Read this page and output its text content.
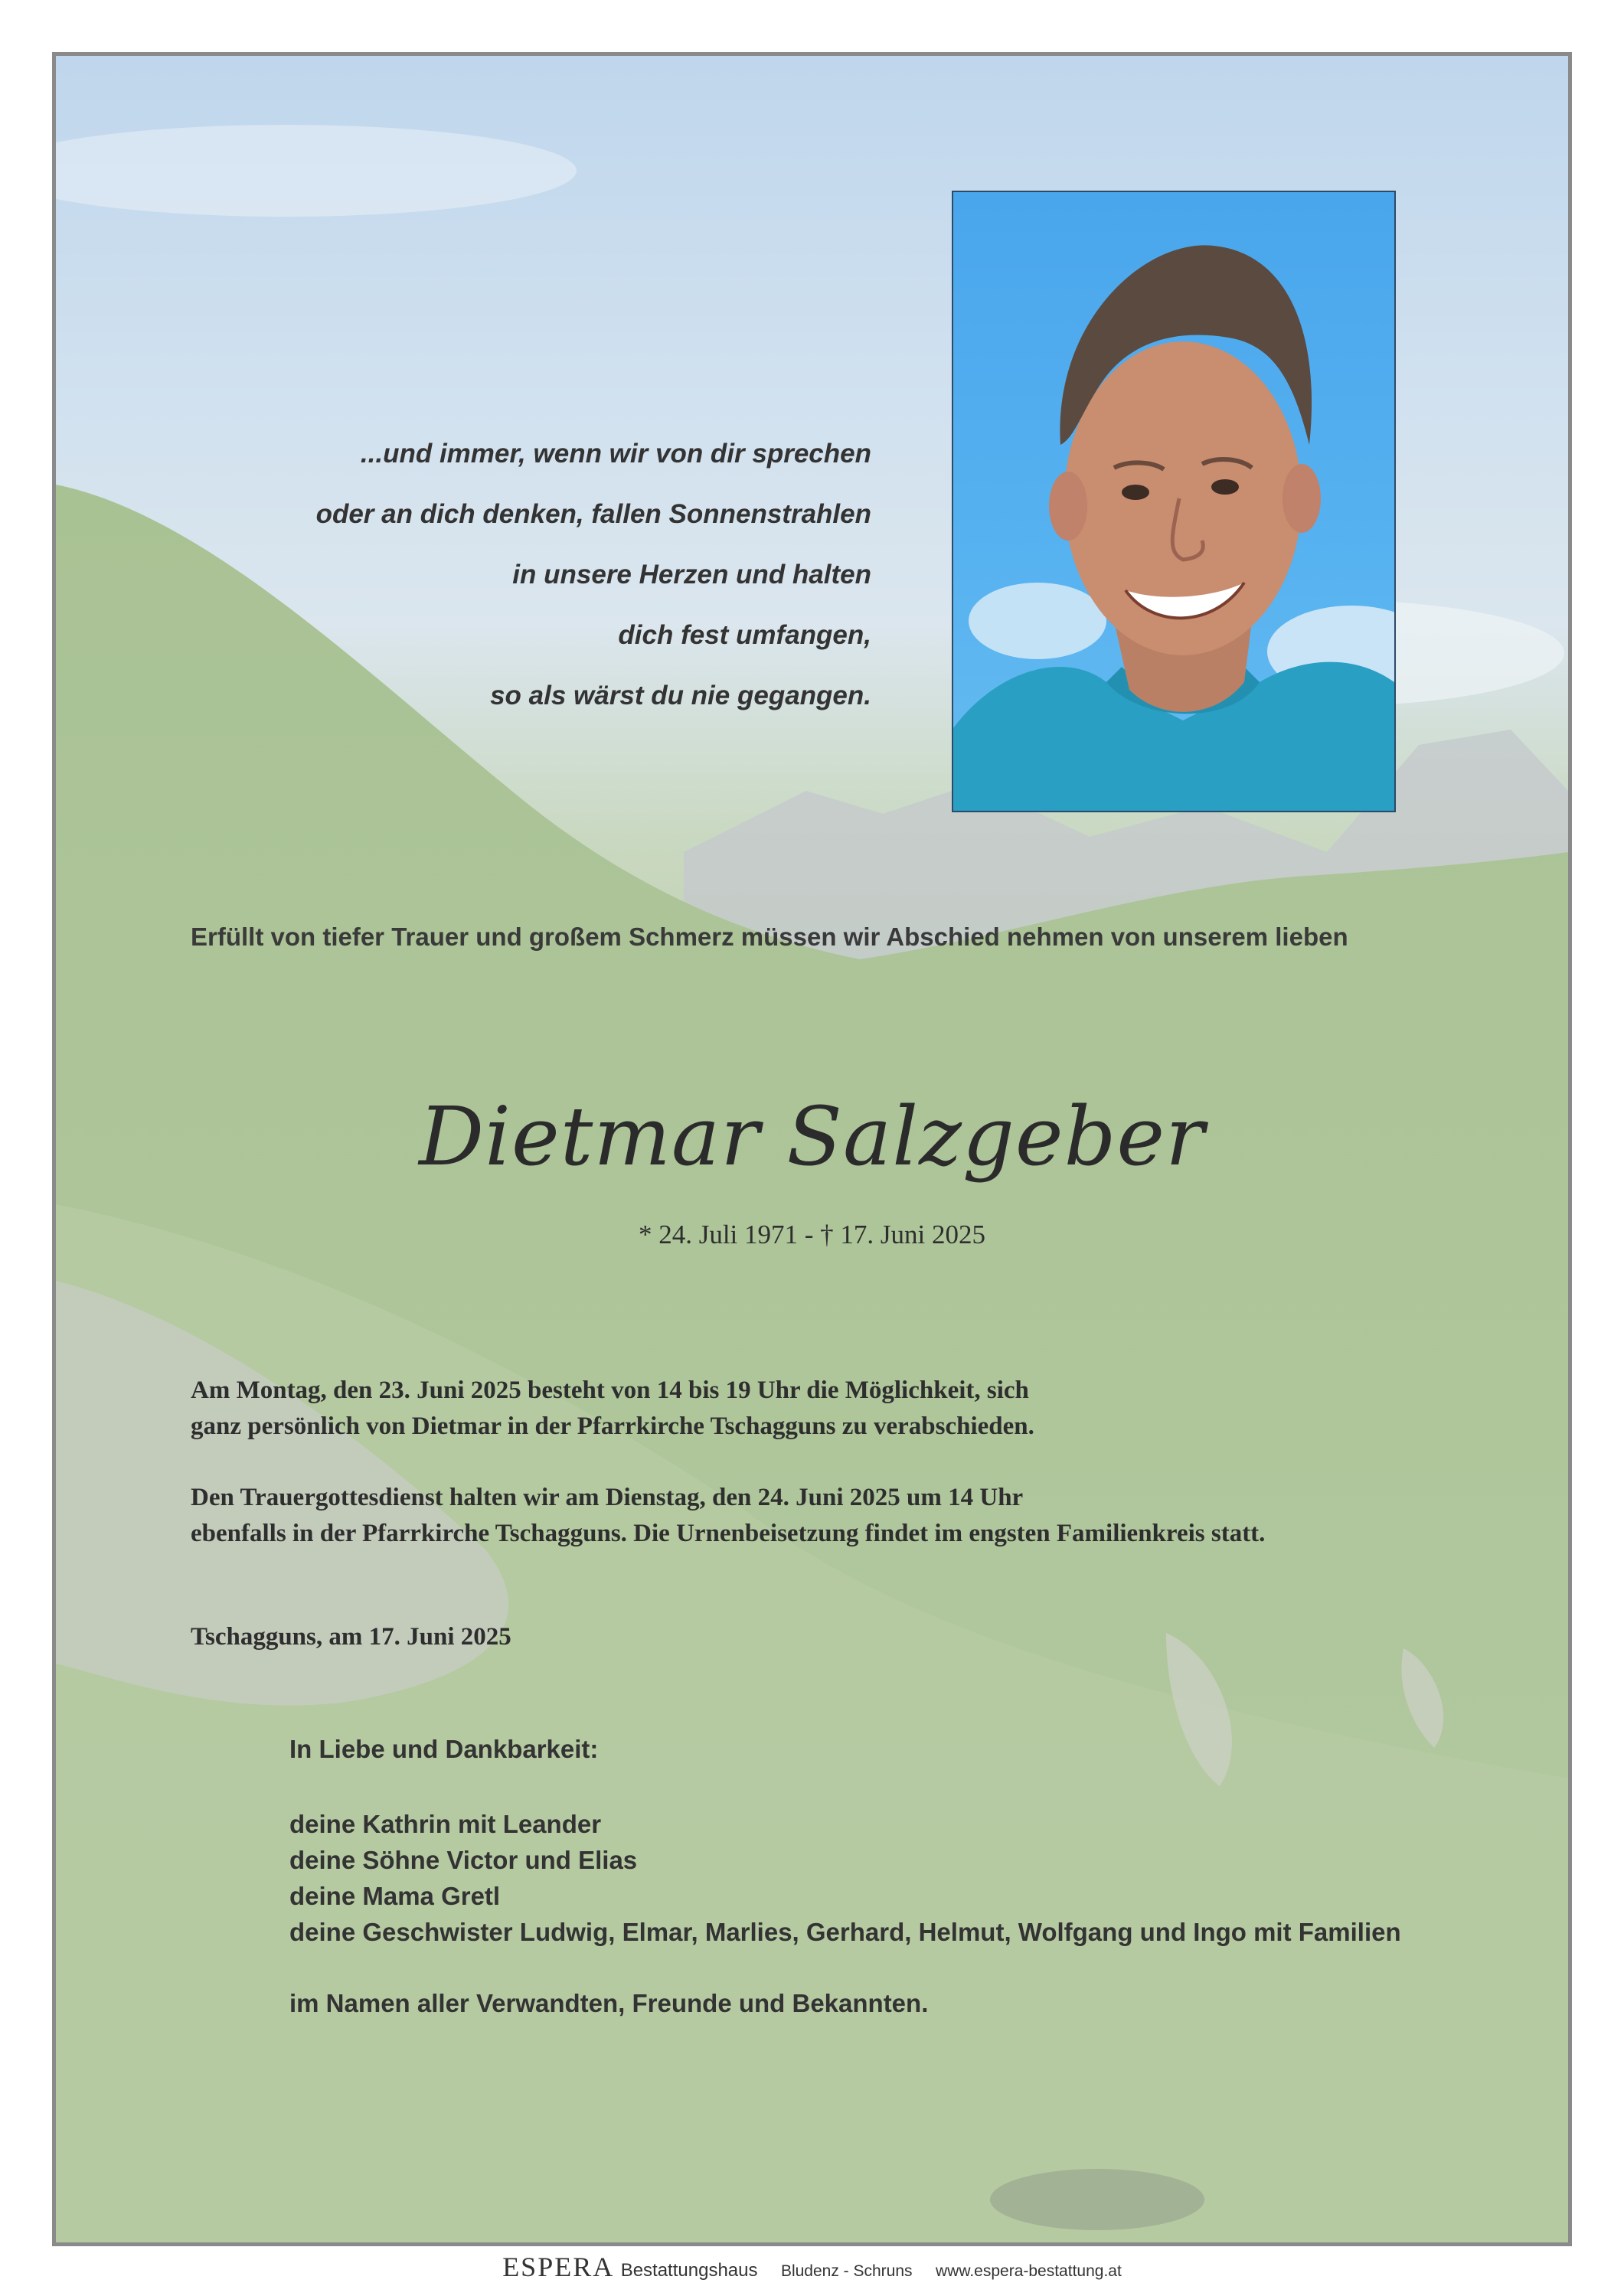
...und immer, wenn wir von dir sprechen
oder an dich denken, fallen Sonnenstrahlen
in unsere Herzen und halten
dich fest umfangen,
so als wärst du nie gegangen.
Erfüllt von tiefer Trauer und großem Schmerz müssen wir Abschied nehmen von unserem lieben
Dietmar Salzgeber
* 24. Juli 1971 - † 17. Juni 2025
Am Montag, den 23. Juni 2025 besteht von 14 bis 19 Uhr die Möglichkeit, sich
ganz persönlich von Dietmar in der Pfarrkirche Tschagguns zu verabschieden.
Den Trauergottesdienst halten wir am Dienstag, den 24. Juni 2025 um 14 Uhr
ebenfalls in der Pfarrkirche Tschagguns. Die Urnenbeisetzung findet im engsten Familienkreis statt.
Tschagguns, am 17. Juni 2025
In Liebe und Dankbarkeit:
deine Kathrin mit Leander
deine Söhne Victor und Elias
deine Mama Gretl
deine Geschwister Ludwig, Elmar, Marlies, Gerhard, Helmut, Wolfgang und Ingo mit Familien
im Namen aller Verwandten, Freunde und Bekannten.
ESPERA Bestattungshaus Bludenz - Schruns www.espera-bestattung.at
